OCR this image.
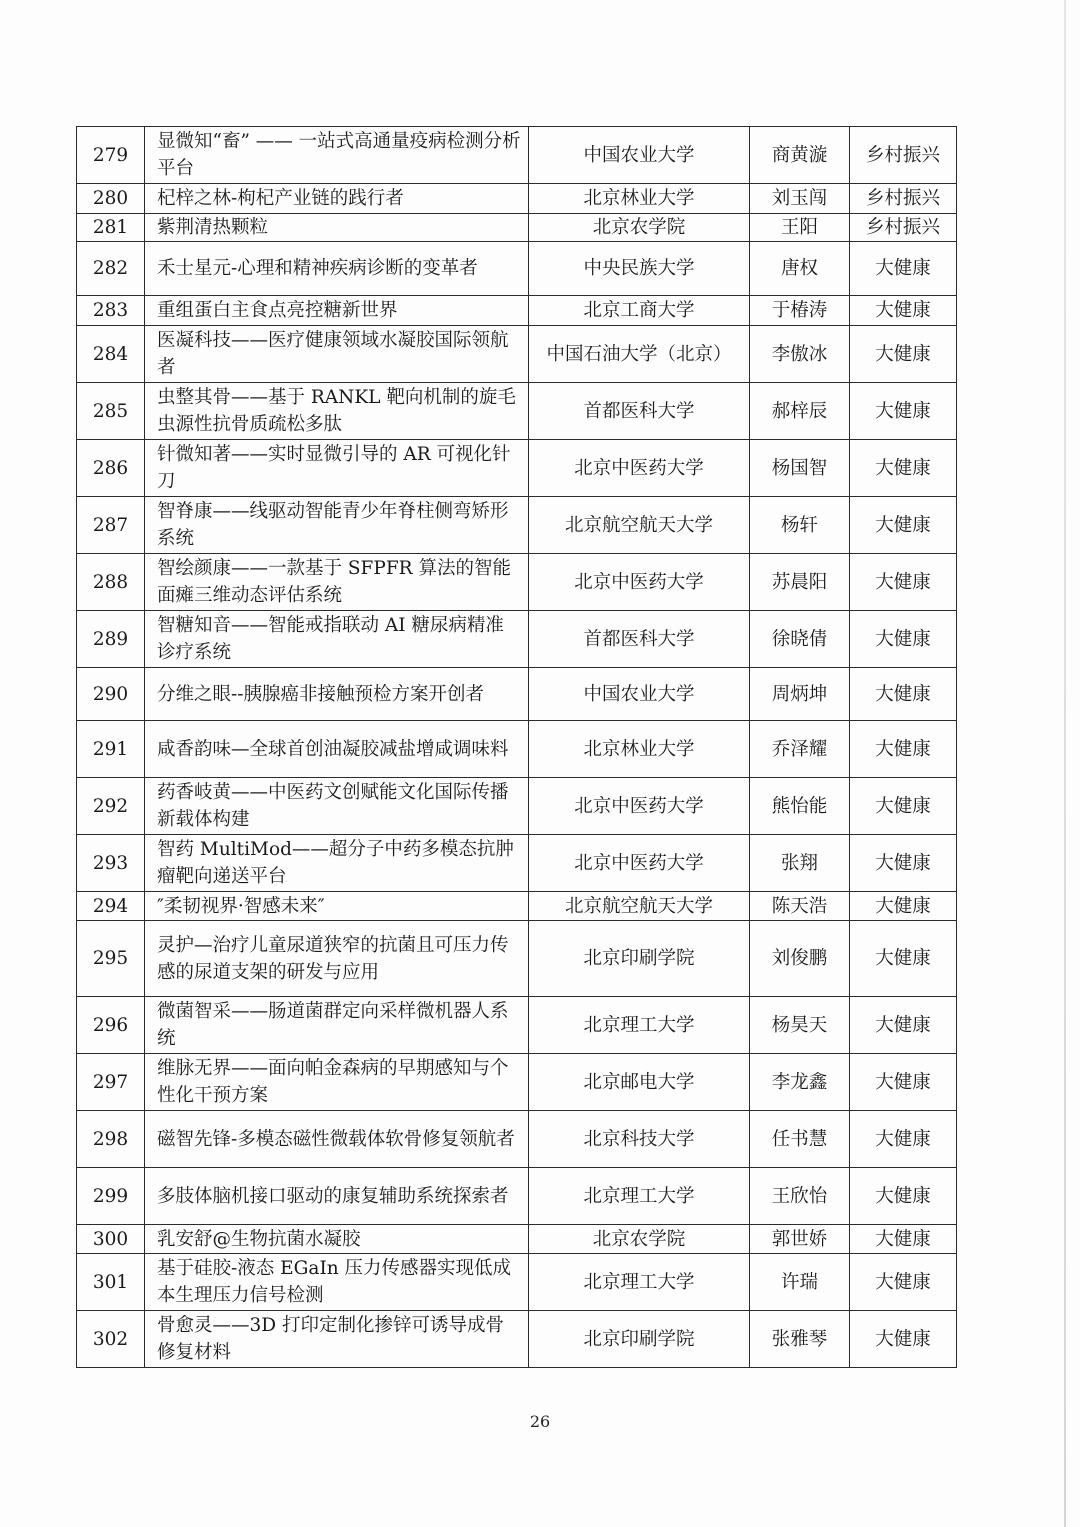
279	显微知“畜” —— 一站式高通量疫病检测分析平台	中国农业大学	商黄漩	乡村振兴
280	杞梓之林-枸杞产业链的践行者	北京林业大学	刘玉闯	乡村振兴
281	紫荆清热颗粒	北京农学院	王阳	乡村振兴
282	禾士星元-心理和精神疾病诊断的变革者	中央民族大学	唐权	大健康
283	重组蛋白主食点亮控糖新世界	北京工商大学	于椿涛	大健康
284	医凝科技——医疗健康领域水凝胶国际领航者	中国石油大学（北京）	李傲冰	大健康
285	虫整其骨——基于 RANKL 靶向机制的旋毛虫源性抗骨质疏松多肽	首都医科大学	郝梓辰	大健康
286	针微知著——实时显微引导的 AR 可视化针刀	北京中医药大学	杨国智	大健康
287	智脊康——线驱动智能青少年脊柱侧弯矫形系统	北京航空航天大学	杨轩	大健康
288	智绘颜康——一款基于 SFPFR 算法的智能面瘫三维动态评估系统	北京中医药大学	苏晨阳	大健康
289	智糖知音——智能戒指联动 AI 糖尿病精准诊疗系统	首都医科大学	徐晓倩	大健康
290	分维之眼--胰腺癌非接触预检方案开创者	中国农业大学	周炳坤	大健康
291	咸香韵味—全球首创油凝胶减盐增咸调味料	北京林业大学	乔泽耀	大健康
292	药香岐黄——中医药文创赋能文化国际传播新载体构建	北京中医药大学	熊怡能	大健康
293	智药 MultiMod——超分子中药多模态抗肿瘤靶向递送平台	北京中医药大学	张翔	大健康
294	″柔韧视界·智感未来″	北京航空航天大学	陈天浩	大健康
295	灵护—治疗儿童尿道狭窄的抗菌且可压力传感的尿道支架的研发与应用	北京印刷学院	刘俊鹏	大健康
296	微菌智采——肠道菌群定向采样微机器人系统	北京理工大学	杨昊天	大健康
297	维脉无界——面向帕金森病的早期感知与个性化干预方案	北京邮电大学	李龙鑫	大健康
298	磁智先锋-多模态磁性微载体软骨修复领航者	北京科技大学	任书慧	大健康
299	多肢体脑机接口驱动的康复辅助系统探索者	北京理工大学	王欣怡	大健康
300	乳安舒@生物抗菌水凝胶	北京农学院	郭世娇	大健康
301	基于硅胶-液态 EGaIn 压力传感器实现低成本生理压力信号检测	北京理工大学	许瑞	大健康
302	骨愈灵——3D 打印定制化掺锌可诱导成骨修复材料	北京印刷学院	张雅琴	大健康
26
